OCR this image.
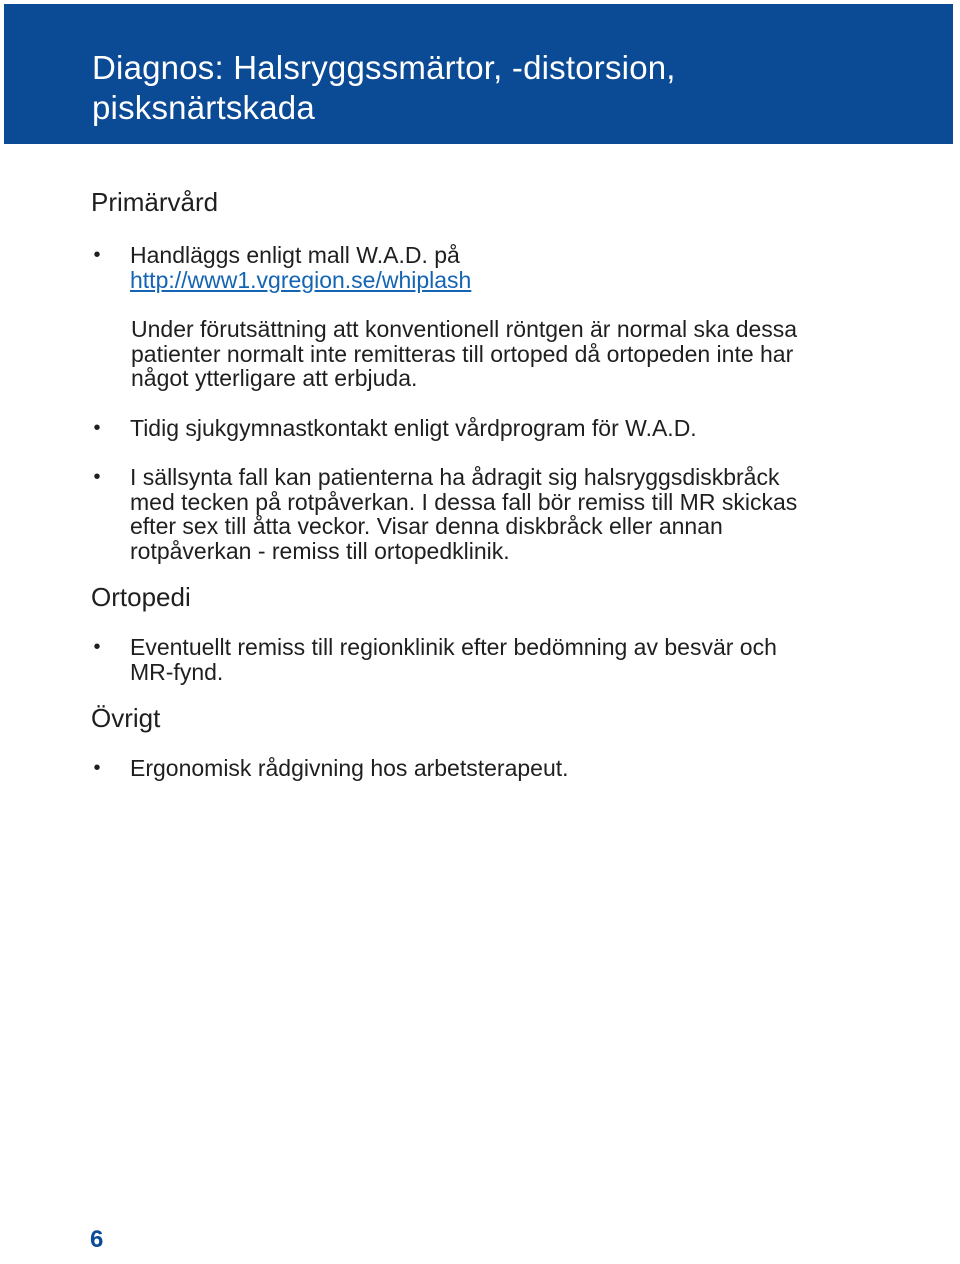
Diagnos: Halsryggssmärtor, -distorsion, pisksnärtskada
Primärvård
• Handläggs enligt mall W.A.D. på
http://www1.vgregion.se/whiplash
Under förutsättning att konventionell röntgen är normal ska dessa patienter normalt inte remitteras till ortoped då ortopeden inte har något ytterligare att erbjuda.
• Tidig sjukgymnastkontakt enligt vårdprogram för W.A.D.
• I sällsynta fall kan patienterna ha ådragit sig halsryggsdiskbråck med tecken på rotpåverkan. I dessa fall bör remiss till MR skickas efter sex till åtta veckor. Visar denna diskbråck eller annan rotpåverkan - remiss till ortopedklinik.
Ortopedi
• Eventuellt remiss till regionklinik efter bedömning av besvär och MR-fynd.
Övrigt
• Ergonomisk rådgivning hos arbetsterapeut.
6
